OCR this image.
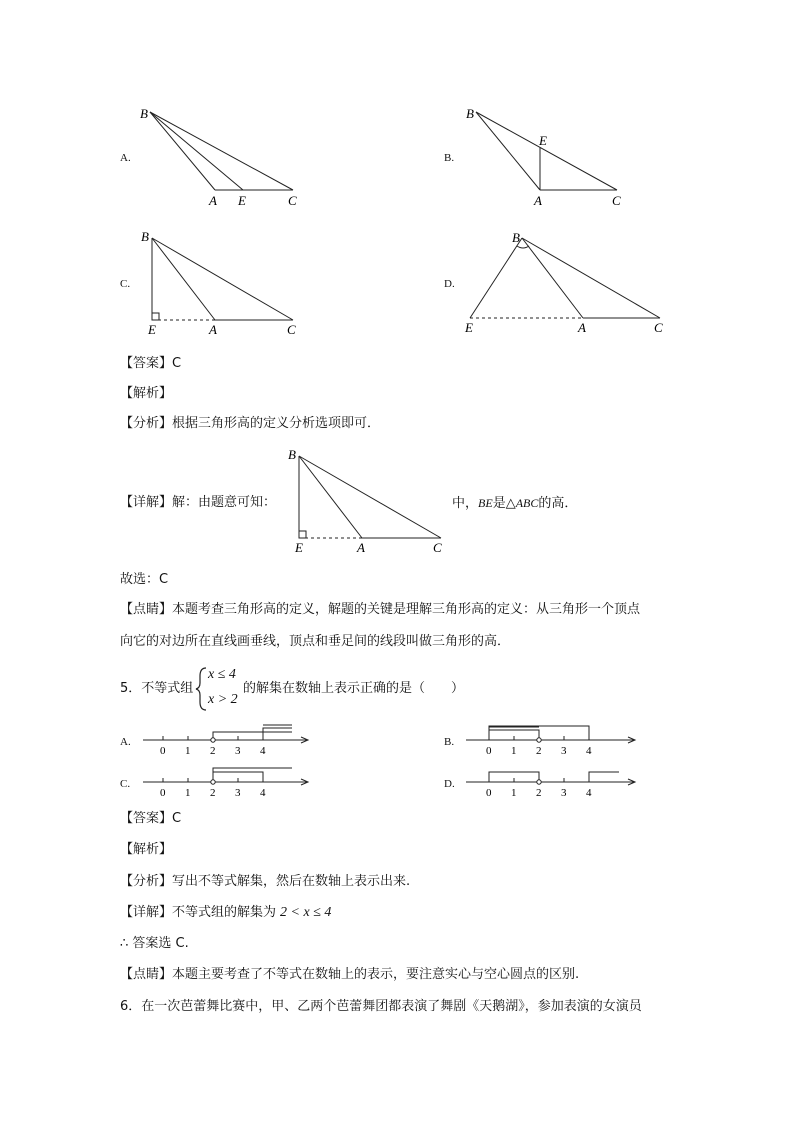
A.
B
A E	C
B.
B
E
A	C
C.
B
E	A	C
D.
B
E	A	C
【答案】C
【解析】
【分析】根据三角形高的定义分析选项即可．
【详解】解：由题意可知：
B
E	A	C
中，BE是△ABC的高．
故选：C
【点睛】本题考查三角形高的定义，解题的关键是理解三角形高的定义：从三角形一个顶点
向它的对边所在直线画垂线，顶点和垂足间的线段叫做三角形的高．
5．不等式组
x ≤ 4
x > 2
的解集在数轴上表示正确的是（　　）
A.
0 1 2 3 4
B.
0 1 2 3 4
C.
0 1 2 3 4
D.
0 1 2 3 4
【答案】C
【解析】
【分析】写出不等式解集，然后在数轴上表示出来.
【详解】不等式组的解集为 2 < x ≤ 4
∴ 答案选 C.
【点睛】本题主要考查了不等式在数轴上的表示，要注意实心与空心圆点的区别.
6．在一次芭蕾舞比赛中，甲、乙两个芭蕾舞团都表演了舞剧《天鹅湖》，参加表演的女演员
